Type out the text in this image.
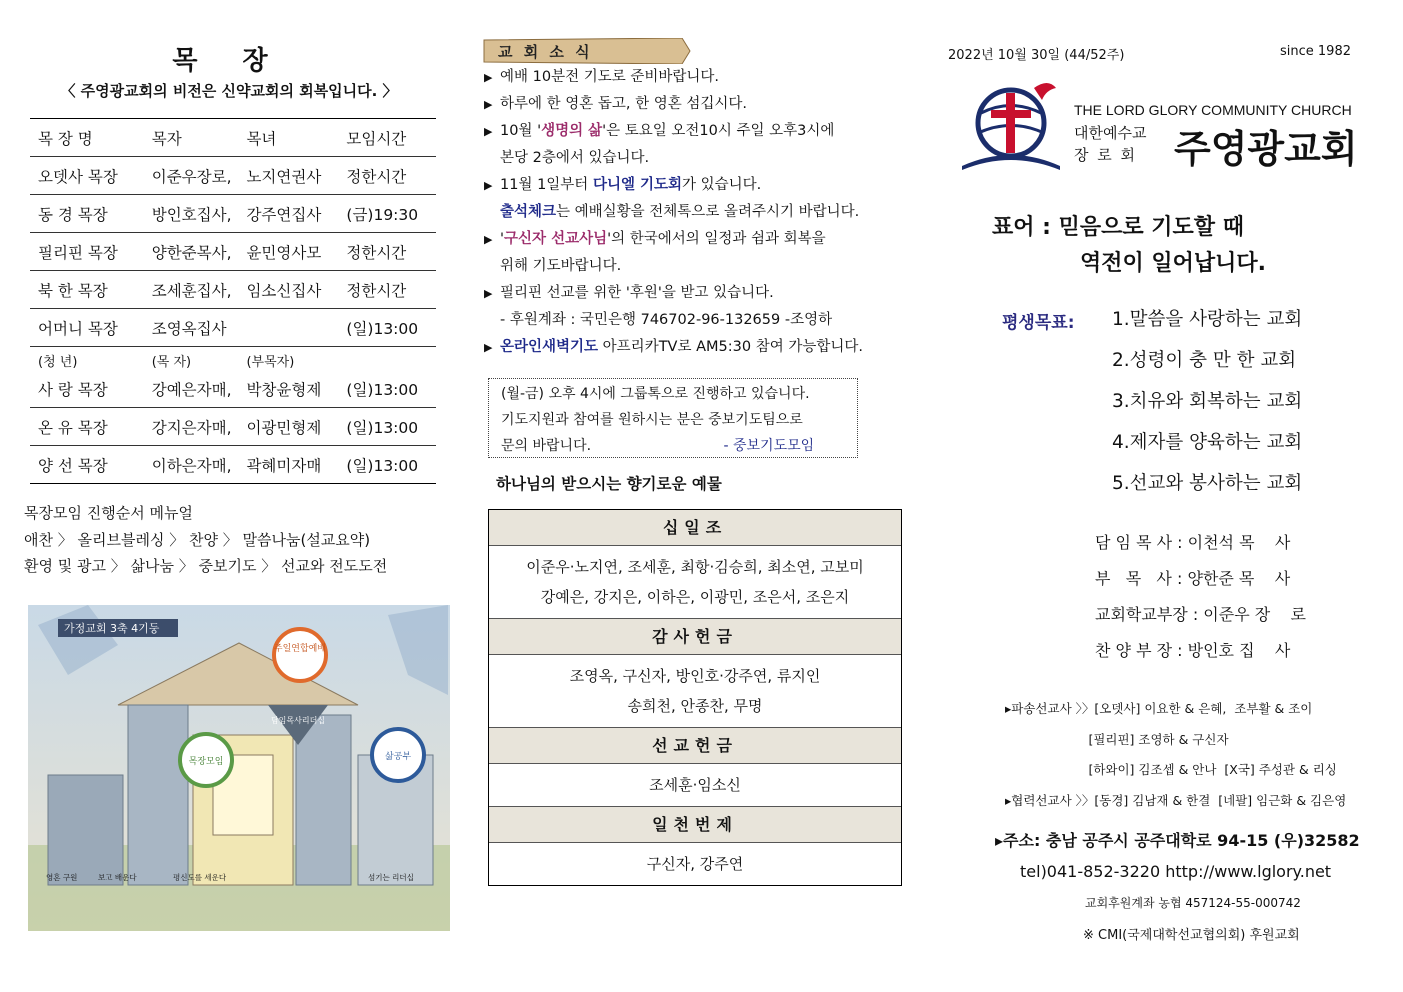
목 장
〈 주영광교회의 비전은 신약교회의 회복입니다. 〉
목 장 명	목자	목녀	모임시간
오뎃사 목장	이준우장로,	노지연권사	정한시간
동 경 목장	방인호집사,	강주연집사	(금)19:30
필리핀 목장	양한준목사,	윤민영사모	정한시간
북 한 목장	조세훈집사,	임소신집사	정한시간
어머니 목장	조영옥집사		(일)13:00
(청 년)	(목 자)	(부목자)	
사 랑 목장	강예은자매,	박창윤형제	(일)13:00
온 유 목장	강지은자매,	이광민형제	(일)13:00
양 선 목장	이하은자매,	곽혜미자매	(일)13:00
목장모임 진행순서 메뉴얼
애찬 〉 올리브블레싱 〉 찬양 〉 말씀나눔(설교요약)
환영 및 광고 〉 삶나눔 〉 중보기도 〉 선교와 전도도전
가정교회 3축 4기둥
주일연합예배
목장모임	삶공부
담임목사리더십
영혼 구원	보고 배운다	평신도를 세운다	섬기는 리더십
교 회 소 식
▶ 예배 10분전 기도로 준비바랍니다.
▶ 하루에 한 영혼 돕고, 한 영혼 섬깁시다.
▶ 10월 '생명의 삶'은 토요일 오전10시 주일 오후3시에
본당 2층에서 있습니다.
▶ 11월 1일부터 다니엘 기도회가 있습니다.
출석체크는 예배실황을 전체톡으로 올려주시기 바랍니다.
▶ '구신자 선교사님'의 한국에서의 일정과 쉼과 회복을
위해 기도바랍니다.
▶ 필리핀 선교를 위한 '후원'을 받고 있습니다.
- 후원계좌 : 국민은행 746702-96-132659 -조영하
▶ 온라인새벽기도 아프리카TV로 AM5:30 참여 가능합니다.
(월-금) 오후 4시에 그룹톡으로 진행하고 있습니다.
기도지원과 참여를 원하시는 분은 중보기도팀으로
문의 바랍니다.	- 중보기도모임
하나님의 받으시는 향기로운 예물
십일조
이준우·노지연, 조세훈, 최항·김승희, 최소연, 고보미
강예은, 강지은, 이하은, 이광민, 조은서, 조은지
감사헌금
조영옥, 구신자, 방인호·강주연, 류지인
송희천, 안종찬, 무명
선교헌금
조세훈·임소신
일천번제
구신자, 강주연
2022년 10월 30일 (44/52주)	since 1982
THE LORD GLORY COMMUNITY CHURCH
대한예수교
장 로 회 주영광교회
표어 : 믿음으로 기도할 때
역전이 일어납니다.
평생목표: 1.말씀을 사랑하는 교회
2.성령이 충 만 한 교회
3.치유와 회복하는 교회
4.제자를 양육하는 교회
5.선교와 봉사하는 교회
담 임 목 사 : 이천석 목    사
부   목   사 : 양한준 목    사
교회학교부장 : 이준우 장    로
찬 양 부 장 : 방인호 집    사
▸파송선교사 〉〉[오뎃사] 이요한 & 은혜,  조부활 & 조이
[필리핀] 조영하 & 구신자
[하와이] 김조셉 & 안나  [X국] 주성관 & 리싱
▸협력선교사 〉〉[동경] 김남재 & 한결  [네팔] 임근화 & 김은영
▸주소: 충남 공주시 공주대학로 94-15 (우)32582
tel)041-852-3220 http://www.lglory.net
교회후원계좌 농협 457124-55-000742
※ CMI(국제대학선교협의회) 후원교회
